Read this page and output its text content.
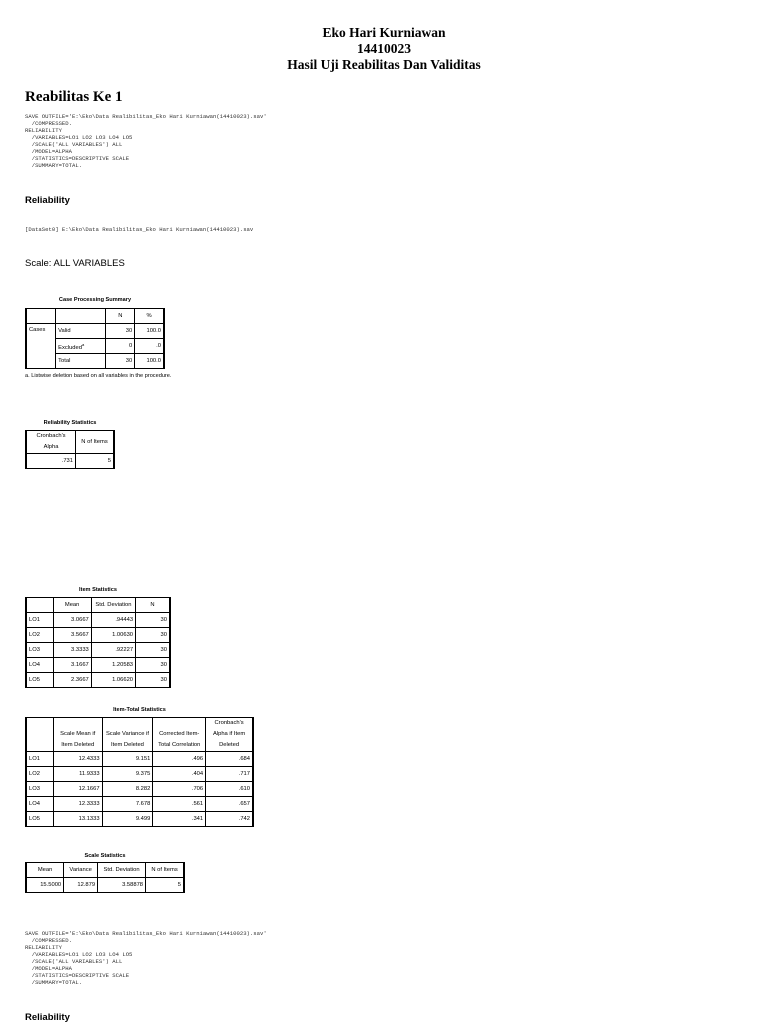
Eko Hari Kurniawan
14410023
Hasil Uji Reabilitas Dan Validitas
Reabilitas Ke 1
SAVE OUTFILE='E:\Eko\Data Realibilitas_Eko Hari Kurniawan(14410023).sav'
/COMPRESSED.
RELIABILITY
/VARIABLES=LO1 LO2 LO3 LO4 LO5
/SCALE('ALL VARIABLES') ALL
/MODEL=ALPHA
/STATISTICS=DESCRIPTIVE SCALE
/SUMMARY=TOTAL.
Reliability
[DataSet0] E:\Eko\Data Realibilitas_Eko Hari Kurniawan(14410023).sav
Scale: ALL VARIABLES
Case Processing Summary
		N	%
Cases	Valid	30	100.0
	Excluded$^a$	0	.0
	Total	30	100.0
a. Listwise deletion based on all variables in the procedure.
Reliability Statistics
Cronbach's Alpha	N of Items
.731	5
Item Statistics
	Mean	Std. Deviation	N
LO1	3.0667	.94443	30
LO2	3.5667	1.00630	30
LO3	3.3333	.92227	30
LO4	3.1667	1.20583	30
LO5	2.3667	1.06620	30
Item-Total Statistics
	Scale Mean if Item Deleted	Scale Variance if Item Deleted	Corrected Item-Total Correlation	Cronbach's Alpha if Item Deleted
LO1	12.4333	9.151	.496	.684
LO2	11.9333	9.375	.404	.717
LO3	12.1667	8.282	.706	.610
LO4	12.3333	7.678	.561	.657
LO5	13.1333	9.499	.341	.742
Scale Statistics
Mean	Variance	Std. Deviation	N of Items
15.5000	12.879	3.58878	5
SAVE OUTFILE='E:\Eko\Data Realibilitas_Eko Hari Kurniawan(14410023).sav'
/COMPRESSED.
RELIABILITY
/VARIABLES=LO1 LO2 LO3 LO4 LO5
/SCALE('ALL VARIABLES') ALL
/MODEL=ALPHA
/STATISTICS=DESCRIPTIVE SCALE
/SUMMARY=TOTAL.
Reliability
